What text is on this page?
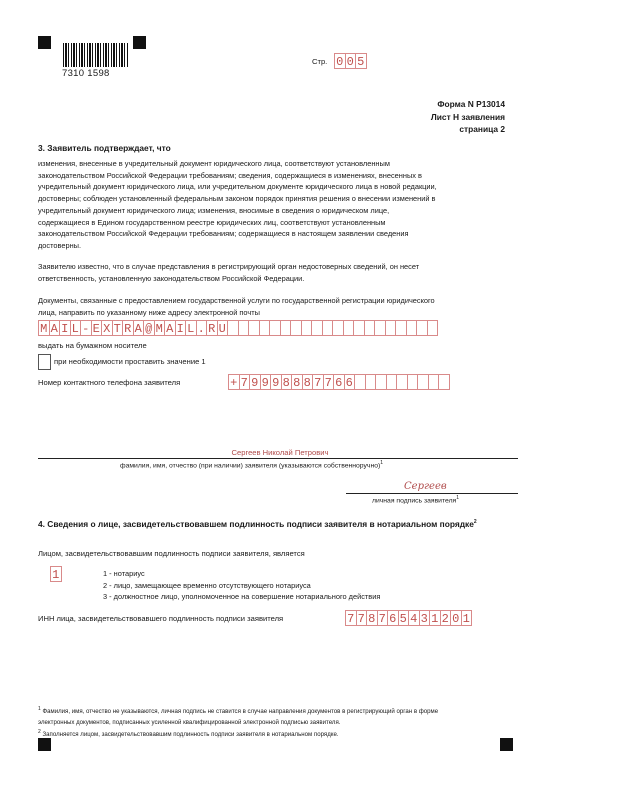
7310 1598
Стр. 0 0 5
Форма N Р13014
Лист Н заявления
страница 2
3. Заявитель подтверждает, что
изменения, внесенные в учредительный документ юридического лица, соответствуют установленным
законодательством Российской Федерации требованиям; сведения, содержащиеся в изменениях, внесенных в
учредительный документ юридического лица, или учредительном документе юридического лица в новой редакции,
достоверны; соблюден установленный федеральным законом порядок принятия решения о внесении изменений в
учредительный документ юридического лица; изменения, вносимые в сведения о юридическом лице,
содержащиеся в Едином государственном реестре юридических лиц, соответствуют установленным
законодательством Российской Федерации требованиям; содержащиеся в настоящем заявлении сведения
достоверны.
Заявителю известно, что в случае представления в регистрирующий орган недостоверных сведений, он несет
ответственность, установленную законодательством Российской Федерации.
Документы, связанные с предоставлением государственной услуги по государственной регистрации юридического
лица, направить по указанному ниже адресу электронной почты
M A I L - E X T R A @ M A I L . R U
выдать на бумажном носителе
при необходимости проставить значение 1
Номер контактного телефона заявителя	+ 7 9 9 9 8 8 8 7 7 6 6
Сергеев Николай Петрович
фамилия, имя, отчество (при наличии) заявителя (указываются собственноручно)$^1$
Сергеев
личная подпись заявителя$^1$
4. Сведения о лице, засвидетельствовавшем подлинность подписи заявителя в нотариальном порядке$^2$
Лицом, засвидетельствовавшим подлинность подписи заявителя, является
1	1 - нотариус
2 - лицо, замещающее временно отсутствующего нотариуса
3 - должностное лицо, уполномоченное на совершение нотариального действия
ИНН лица, засвидетельствовавшего подлинность подписи заявителя	7 7 8 7 6 5 4 3 1 2 0 1
$^1$ Фамилия, имя, отчество не указываются, личная подпись не ставится в случае направления документов в регистрирующий орган в форме
электронных документов, подписанных усиленной квалифицированной электронной подписью заявителя.
$^2$ Заполняется лицом, засвидетельствовавшим подлинность подписи заявителя в нотариальном порядке.
